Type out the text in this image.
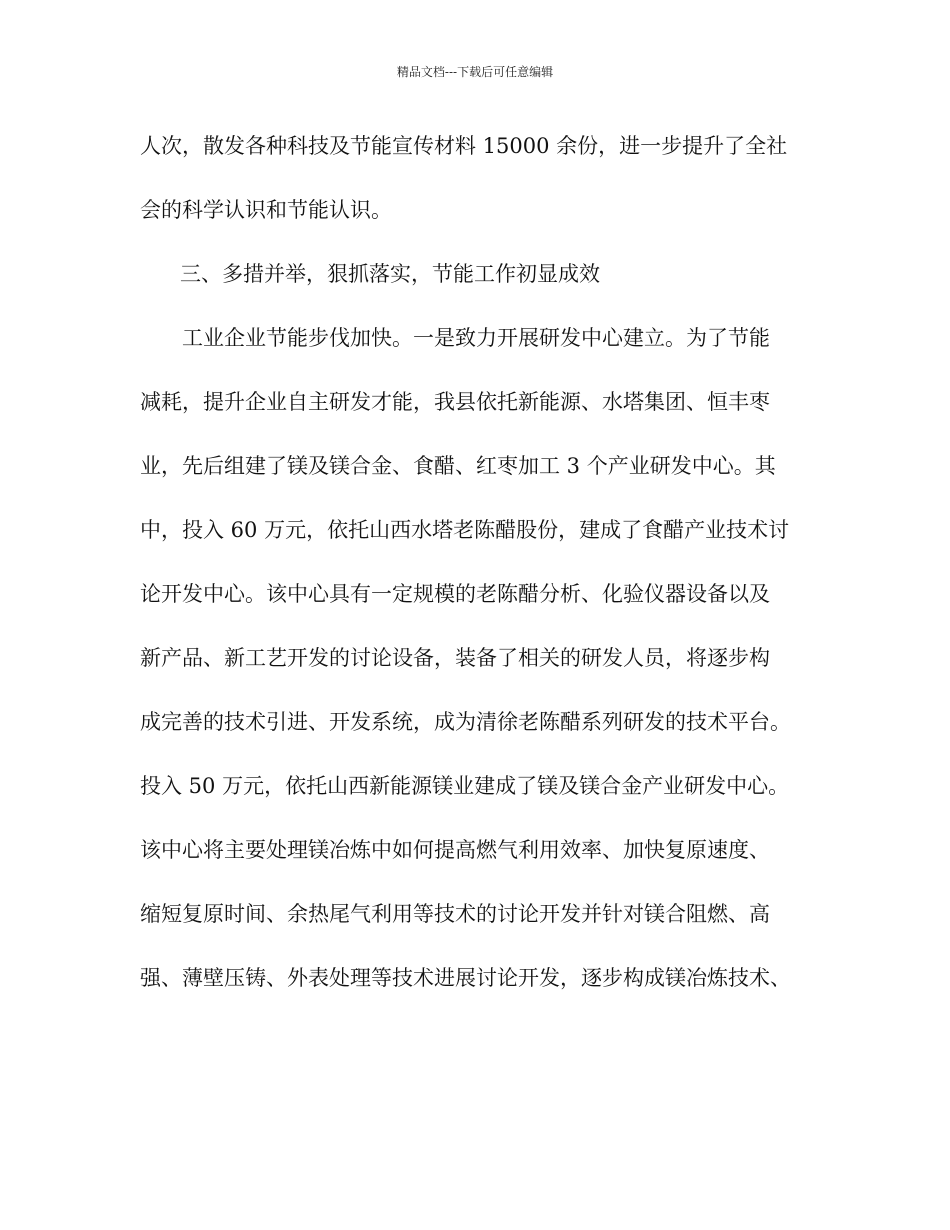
精品文档---下载后可任意编辑
人次，散发各种科技及节能宣传材料 15000 余份，进一步提升了全社
会的科学认识和节能认识。
三、多措并举，狠抓落实，节能工作初显成效
工业企业节能步伐加快。一是致力开展研发中心建立。为了节能
减耗，提升企业自主研发才能，我县依托新能源、水塔集团、恒丰枣
业，先后组建了镁及镁合金、食醋、红枣加工 3 个产业研发中心。其
中，投入 60 万元，依托山西水塔老陈醋股份，建成了食醋产业技术讨
论开发中心。该中心具有一定规模的老陈醋分析、化验仪器设备以及
新产品、新工艺开发的讨论设备，装备了相关的研发人员，将逐步构
成完善的技术引进、开发系统，成为清徐老陈醋系列研发的技术平台。
投入 50 万元，依托山西新能源镁业建成了镁及镁合金产业研发中心。
该中心将主要处理镁冶炼中如何提高燃气利用效率、加快复原速度、
缩短复原时间、余热尾气利用等技术的讨论开发并针对镁合阻燃、高
强、薄壁压铸、外表处理等技术进展讨论开发，逐步构成镁冶炼技术、
